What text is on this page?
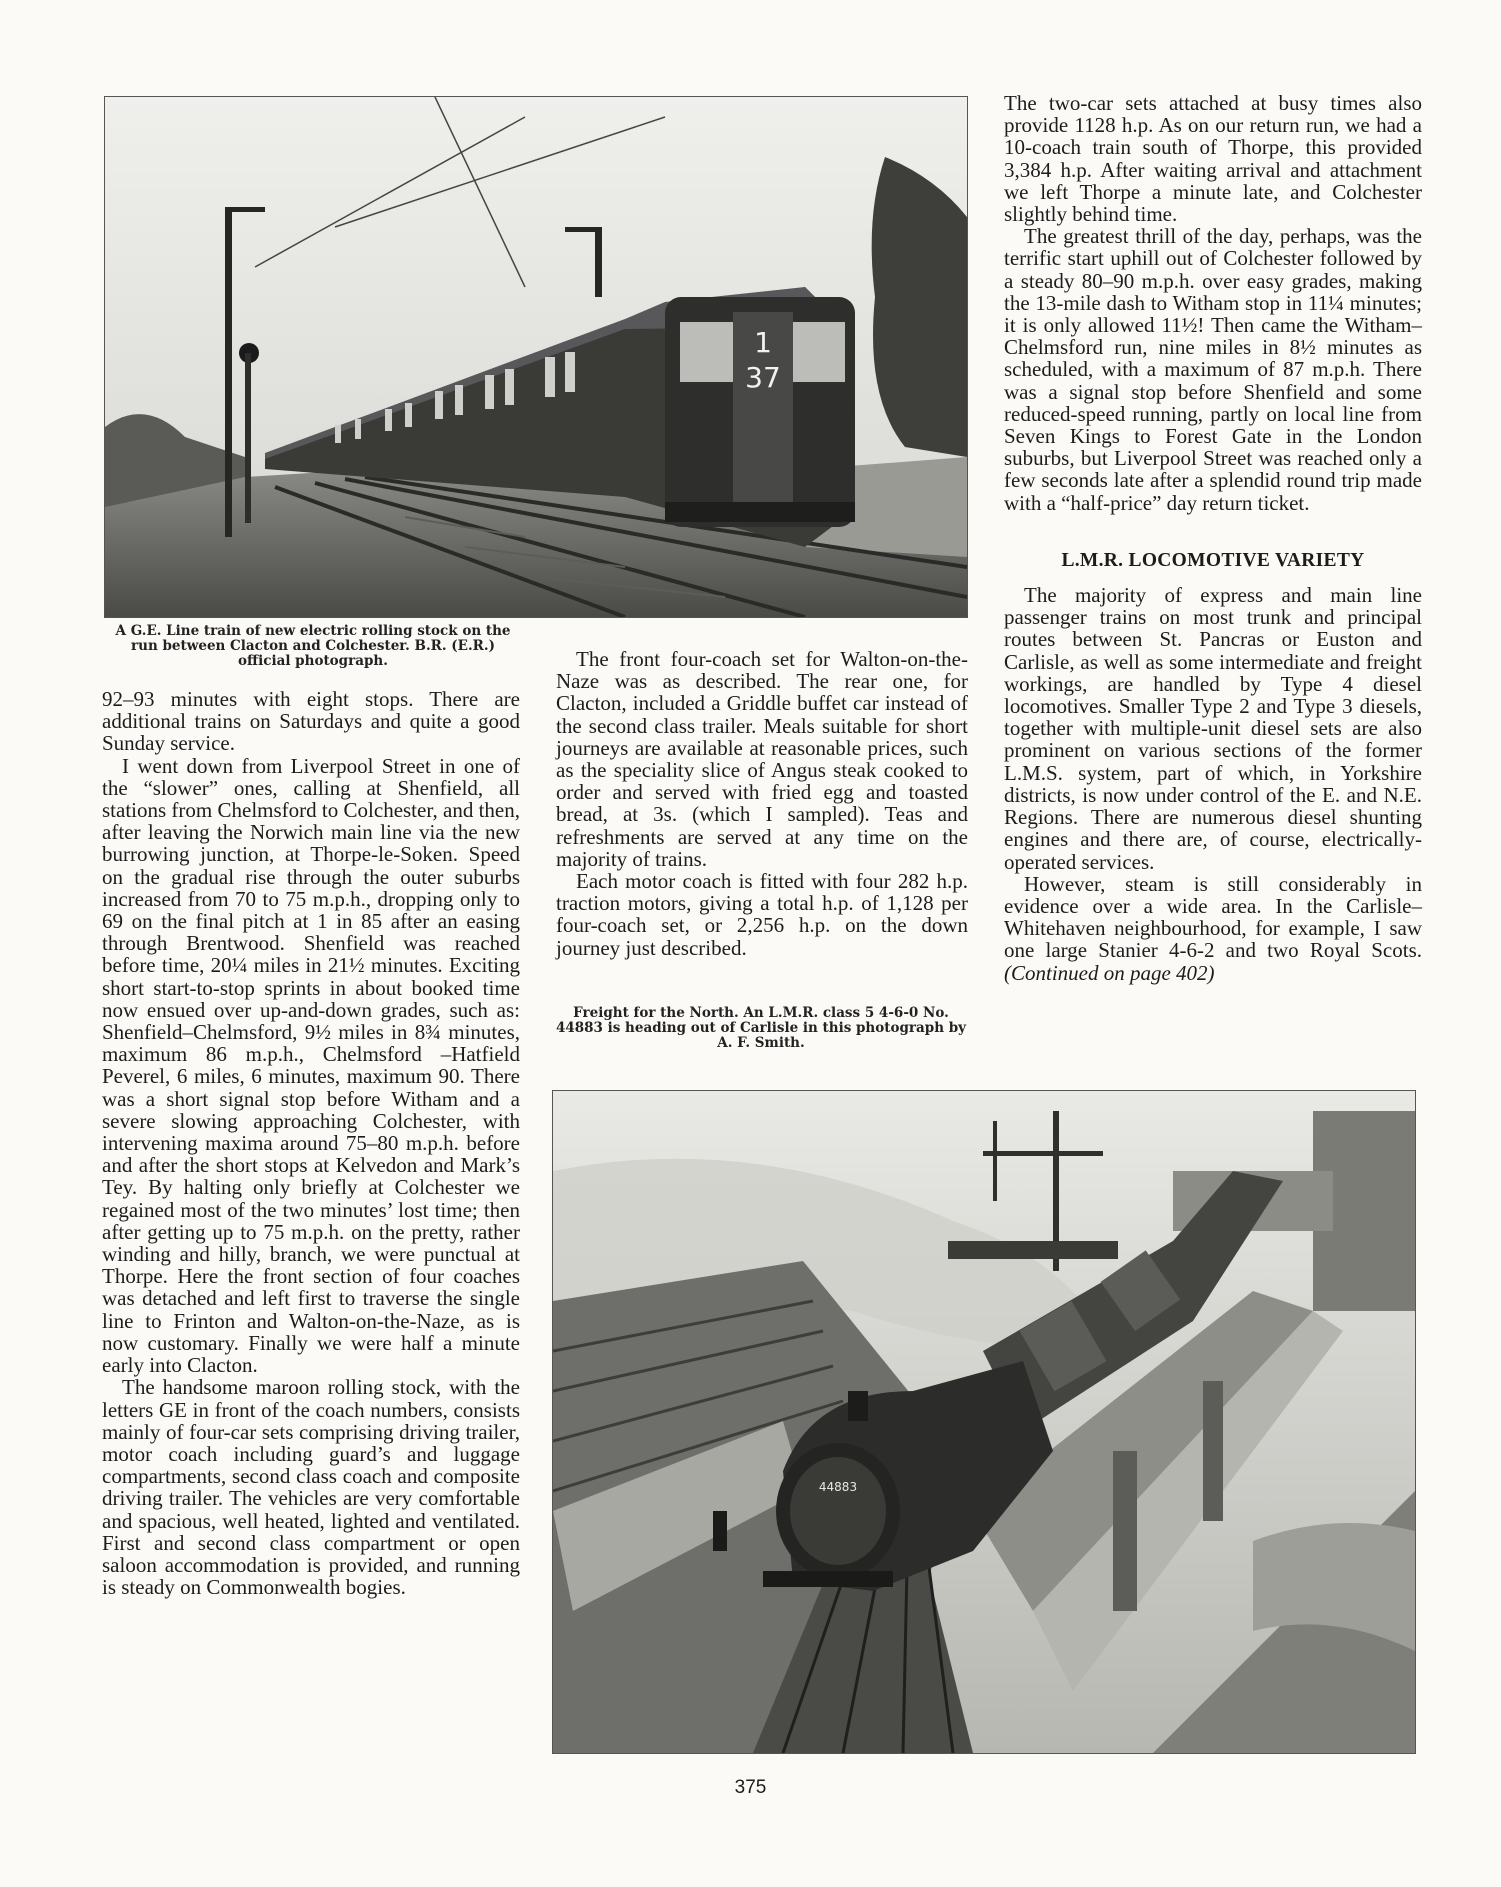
1
37
A G.E. Line train of new electric rolling stock on the run between Clacton and Colchester. B.R. (E.R.) official photograph.

92–93 minutes with eight stops. There are additional trains on Saturdays and quite a good Sunday service.

I went down from Liverpool Street in one of the “slower” ones, calling at Shenfield, all stations from Chelmsford to Colchester, and then, after leaving the Norwich main line via the new burrowing junction, at Thorpe-le-Soken. Speed on the gradual rise through the outer suburbs increased from 70 to 75 m.p.h., dropping only to 69 on the final pitch at 1 in 85 after an easing through Brentwood. Shenfield was reached before time, 20¼ miles in 21½ minutes. Exciting short start-to-stop sprints in about booked time now ensued over up-and-down grades, such as: Shenfield–Chelmsford, 9½ miles in 8¾ minutes, maximum 86 m.p.h., Chelmsford –Hatfield Peverel, 6 miles, 6 minutes, maximum 90. There was a short signal stop before Witham and a severe slowing approaching Colchester, with intervening maxima around 75–80 m.p.h. before and after the short stops at Kelvedon and Mark’s Tey. By halting only briefly at Colchester we regained most of the two minutes’ lost time; then after getting up to 75 m.p.h. on the pretty, rather winding and hilly, branch, we were punctual at Thorpe. Here the front section of four coaches was detached and left first to traverse the single line to Frinton and Walton-on-the-Naze, as is now customary. Finally we were half a minute early into Clacton.

The handsome maroon rolling stock, with the letters GE in front of the coach numbers, consists mainly of four-car sets comprising driving trailer, motor coach including guard’s and luggage compartments, second class coach and composite driving trailer. The vehicles are very comfortable and spacious, well heated, lighted and ventilated. First and second class compartment or open saloon accommodation is provided, and running is steady on Commonwealth bogies.

The front four-coach set for Walton-on-the-Naze was as described. The rear one, for Clacton, included a Griddle buffet car instead of the second class trailer. Meals suitable for short journeys are available at reasonable prices, such as the speciality slice of Angus steak cooked to order and served with fried egg and toasted bread, at 3s. (which I sampled). Teas and refreshments are served at any time on the majority of trains.

Each motor coach is fitted with four 282 h.p. traction motors, giving a total h.p. of 1,128 per four-coach set, or 2,256 h.p. on the down journey just described.

Freight for the North. An L.M.R. class 5 4-6-0 No. 44883 is heading out of Carlisle in this photograph by A. F. Smith.

The two-car sets attached at busy times also provide 1128 h.p. As on our return run, we had a 10-coach train south of Thorpe, this provided 3,384 h.p. After waiting arrival and attachment we left Thorpe a minute late, and Colchester slightly behind time.

The greatest thrill of the day, perhaps, was the terrific start uphill out of Colchester followed by a steady 80–90 m.p.h. over easy grades, making the 13-mile dash to Witham stop in 11¼ minutes; it is only allowed 11½! Then came the Witham–Chelmsford run, nine miles in 8½ minutes as scheduled, with a maximum of 87 m.p.h. There was a signal stop before Shenfield and some reduced-speed running, partly on local line from Seven Kings to Forest Gate in the London suburbs, but Liverpool Street was reached only a few seconds late after a splendid round trip made with a “half-price” day return ticket.

L.M.R. LOCOMOTIVE VARIETY

The majority of express and main line passenger trains on most trunk and principal routes between St. Pancras or Euston and Carlisle, as well as some intermediate and freight workings, are handled by Type 4 diesel locomotives. Smaller Type 2 and Type 3 diesels, together with multiple-unit diesel sets are also prominent on various sections of the former L.M.S. system, part of which, in Yorkshire districts, is now under control of the E. and N.E. Regions. There are numerous diesel shunting engines and there are, of course, electrically-operated services.

However, steam is still considerably in evidence over a wide area. In the Carlisle–Whitehaven neighbourhood, for example, I saw one large Stanier 4-6-2 and two Royal Scots. (Continued on page 402)

44883
375
